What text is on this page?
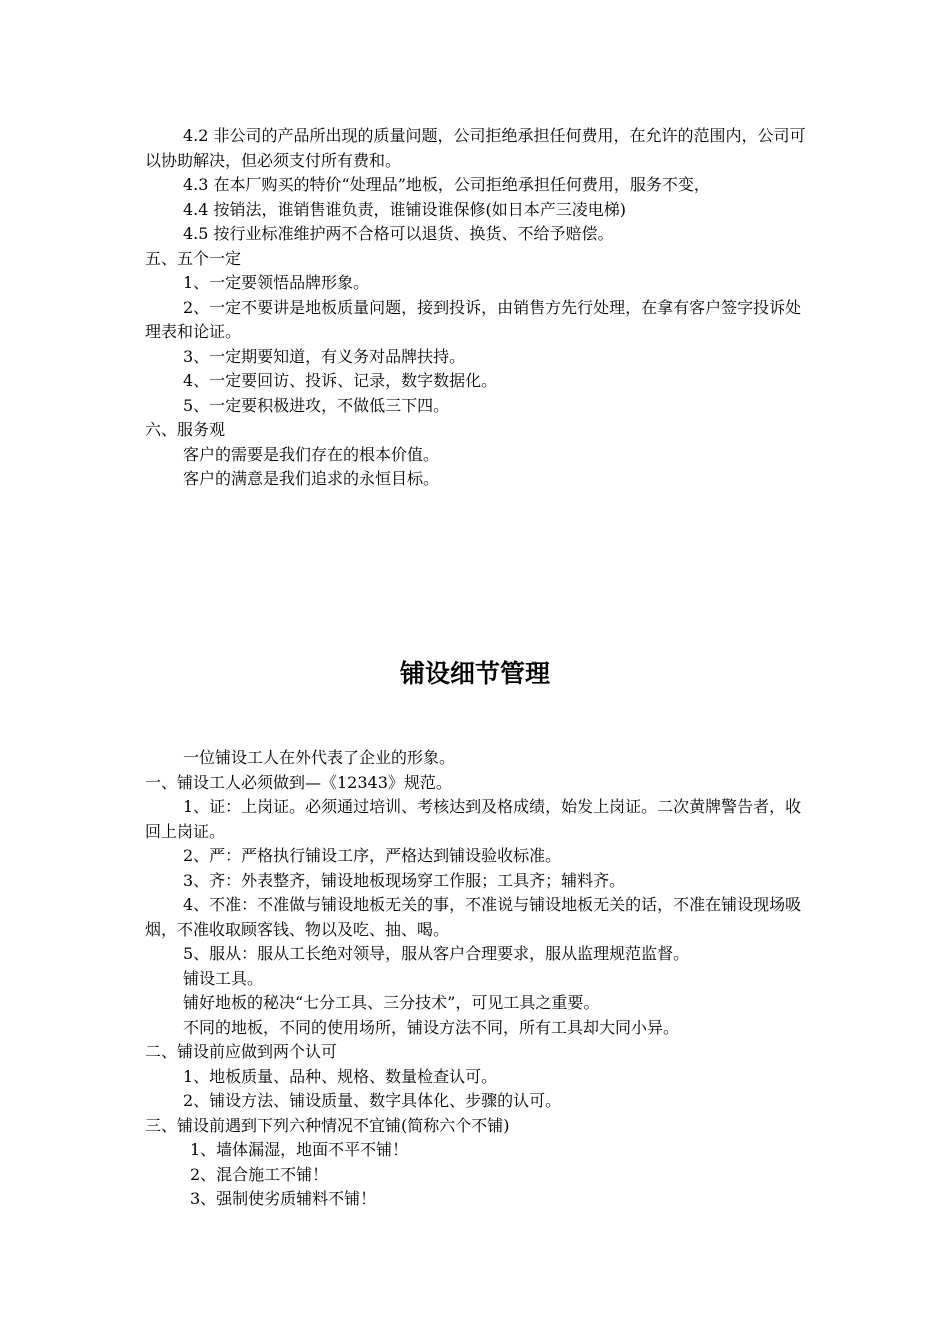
4.2 非公司的产品所出现的质量问题，公司拒绝承担任何费用，在允许的范围内，公司可以协助解决，但必须支付所有费和。

4.3 在本厂购买的特价“处理品”地板，公司拒绝承担任何费用，服务不变，

4.4 按销法，谁销售谁负责，谁铺设谁保修(如日本产三凌电梯)

4.5 按行业标准维护两不合格可以退货、换货、不给予赔偿。

五、五个一定

1、一定要领悟品牌形象。

2、一定不要讲是地板质量问题，接到投诉，由销售方先行处理，在拿有客户签字投诉处理表和论证。

3、一定期要知道，有义务对品牌扶持。

4、一定要回访、投诉、记录，数字数据化。

5、一定要积极进攻，不做低三下四。

六、服务观

客户的需要是我们存在的根本价值。

客户的满意是我们追求的永恒目标。

铺设细节管理

一位铺设工人在外代表了企业的形象。

一、铺设工人必须做到—《12343》规范。

1、证：上岗证。必须通过培训、考核达到及格成绩，始发上岗证。二次黄牌警告者，收回上岗证。

2、严：严格执行铺设工序，严格达到铺设验收标准。

3、齐：外表整齐，铺设地板现场穿工作服；工具齐；辅料齐。

4、不准：不准做与铺设地板无关的事，不准说与铺设地板无关的话，不准在铺设现场吸烟，不准收取顾客钱、物以及吃、抽、喝。

5、服从：服从工长绝对领导，服从客户合理要求，服从监理规范监督。

铺设工具。

铺好地板的秘决“七分工具、三分技术”，可见工具之重要。

不同的地板，不同的使用场所，铺设方法不同，所有工具却大同小异。

二、铺设前应做到两个认可

1、地板质量、品种、规格、数量检查认可。

2、铺设方法、铺设质量、数字具体化、步骤的认可。

三、铺设前遇到下列六种情况不宜铺(简称六个不铺)

1、墙体漏湿，地面不平不铺！

2、混合施工不铺！

3、强制使劣质辅料不铺！
